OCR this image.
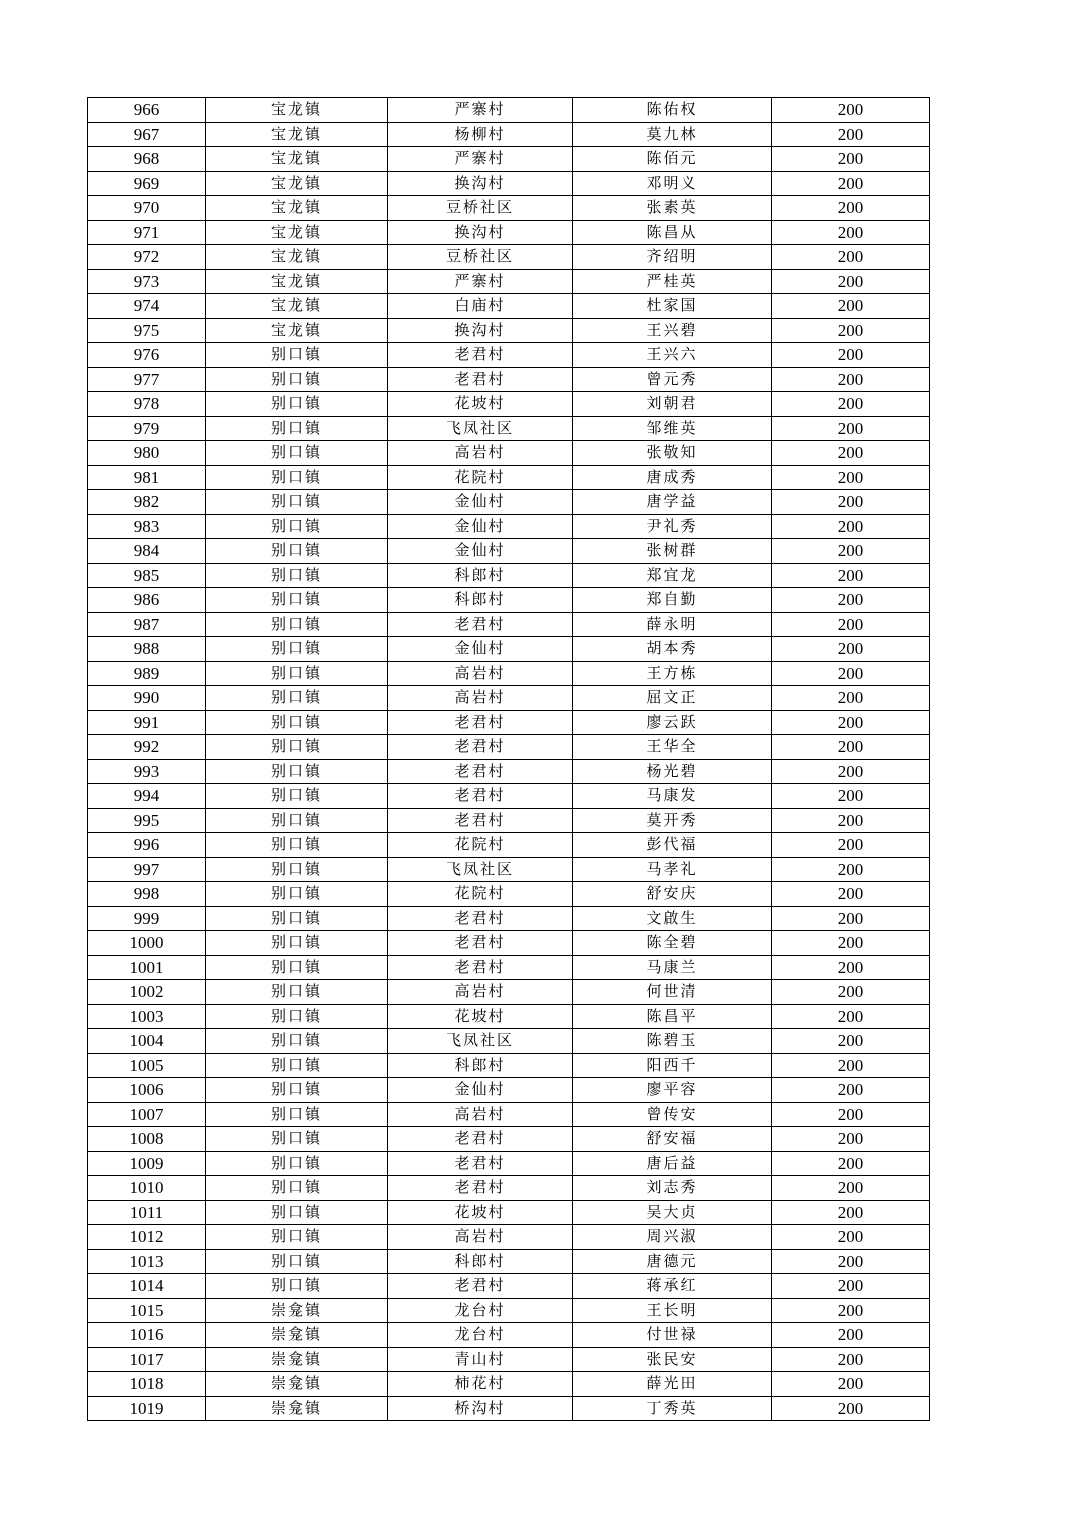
966	宝龙镇	严寨村	陈佑权	200
967	宝龙镇	杨柳村	莫九林	200
968	宝龙镇	严寨村	陈佰元	200
969	宝龙镇	换沟村	邓明义	200
970	宝龙镇	豆桥社区	张素英	200
971	宝龙镇	换沟村	陈昌从	200
972	宝龙镇	豆桥社区	齐绍明	200
973	宝龙镇	严寨村	严桂英	200
974	宝龙镇	白庙村	杜家国	200
975	宝龙镇	换沟村	王兴碧	200
976	别口镇	老君村	王兴六	200
977	别口镇	老君村	曾元秀	200
978	别口镇	花坡村	刘朝君	200
979	别口镇	飞凤社区	邹维英	200
980	别口镇	高岩村	张敬知	200
981	别口镇	花院村	唐成秀	200
982	别口镇	金仙村	唐学益	200
983	别口镇	金仙村	尹礼秀	200
984	别口镇	金仙村	张树群	200
985	别口镇	科郎村	郑宜龙	200
986	别口镇	科郎村	郑自勤	200
987	别口镇	老君村	薛永明	200
988	别口镇	金仙村	胡本秀	200
989	别口镇	高岩村	王方栋	200
990	别口镇	高岩村	屈文正	200
991	别口镇	老君村	廖云跃	200
992	别口镇	老君村	王华全	200
993	别口镇	老君村	杨光碧	200
994	别口镇	老君村	马康发	200
995	别口镇	老君村	莫开秀	200
996	别口镇	花院村	彭代福	200
997	别口镇	飞凤社区	马孝礼	200
998	别口镇	花院村	舒安庆	200
999	别口镇	老君村	文啟生	200
1000	别口镇	老君村	陈全碧	200
1001	别口镇	老君村	马康兰	200
1002	别口镇	高岩村	何世清	200
1003	别口镇	花坡村	陈昌平	200
1004	别口镇	飞凤社区	陈碧玉	200
1005	别口镇	科郎村	阳西千	200
1006	别口镇	金仙村	廖平容	200
1007	别口镇	高岩村	曾传安	200
1008	别口镇	老君村	舒安福	200
1009	别口镇	老君村	唐后益	200
1010	别口镇	老君村	刘志秀	200
1011	别口镇	花坡村	吴大贞	200
1012	别口镇	高岩村	周兴淑	200
1013	别口镇	科郎村	唐德元	200
1014	别口镇	老君村	蒋承红	200
1015	崇龛镇	龙台村	王长明	200
1016	崇龛镇	龙台村	付世禄	200
1017	崇龛镇	青山村	张民安	200
1018	崇龛镇	柿花村	薛光田	200
1019	崇龛镇	桥沟村	丁秀英	200
